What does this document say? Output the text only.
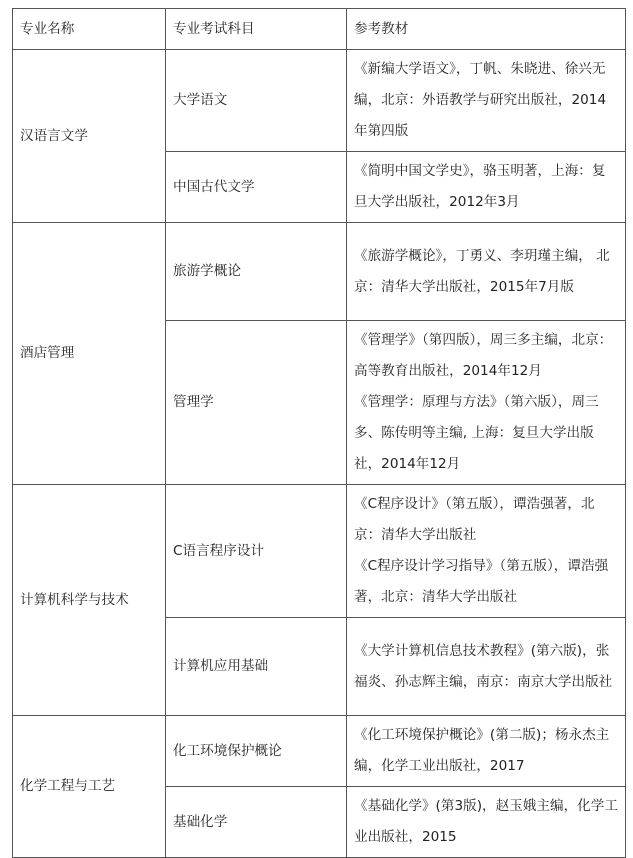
专业名称	专业考试科目	参考教材
汉语言文学	大学语文	《新编大学语文》，丁帆、朱晓进、徐兴无编，北京：外语教学与研究出版社，2014年第四版
	中国古代文学	《简明中国文学史》，骆玉明著，上海：复旦大学出版社，2012年3月
酒店管理	旅游学概论	《旅游学概论》，丁勇义、李玥瑾主编， 北京：清华大学出版社，2015年7月版
	管理学	《管理学》（第四版），周三多主编，北京：高等教育出版社，2014年12月
《管理学：原理与方法》（第六版），周三多、陈传明等主编, 上海：复旦大学出版社，2014年12月

计算机科学与技术	C语言程序设计	《C程序设计》（第五版），谭浩强著，北京：清华大学出版社
《C程序设计学习指导》（第五版），谭浩强著，北京：清华大学出版社

	计算机应用基础	《大学计算机信息技术教程》(第六版)，张福炎、孙志辉主编，南京：南京大学出版社
化学工程与工艺	化工环境保护概论	《化工环境保护概论》(第二版)；杨永杰主编，化学工业出版社，2017
	基础化学	《基础化学》(第3版)，赵玉娥主编，化学工业出版社，2015
